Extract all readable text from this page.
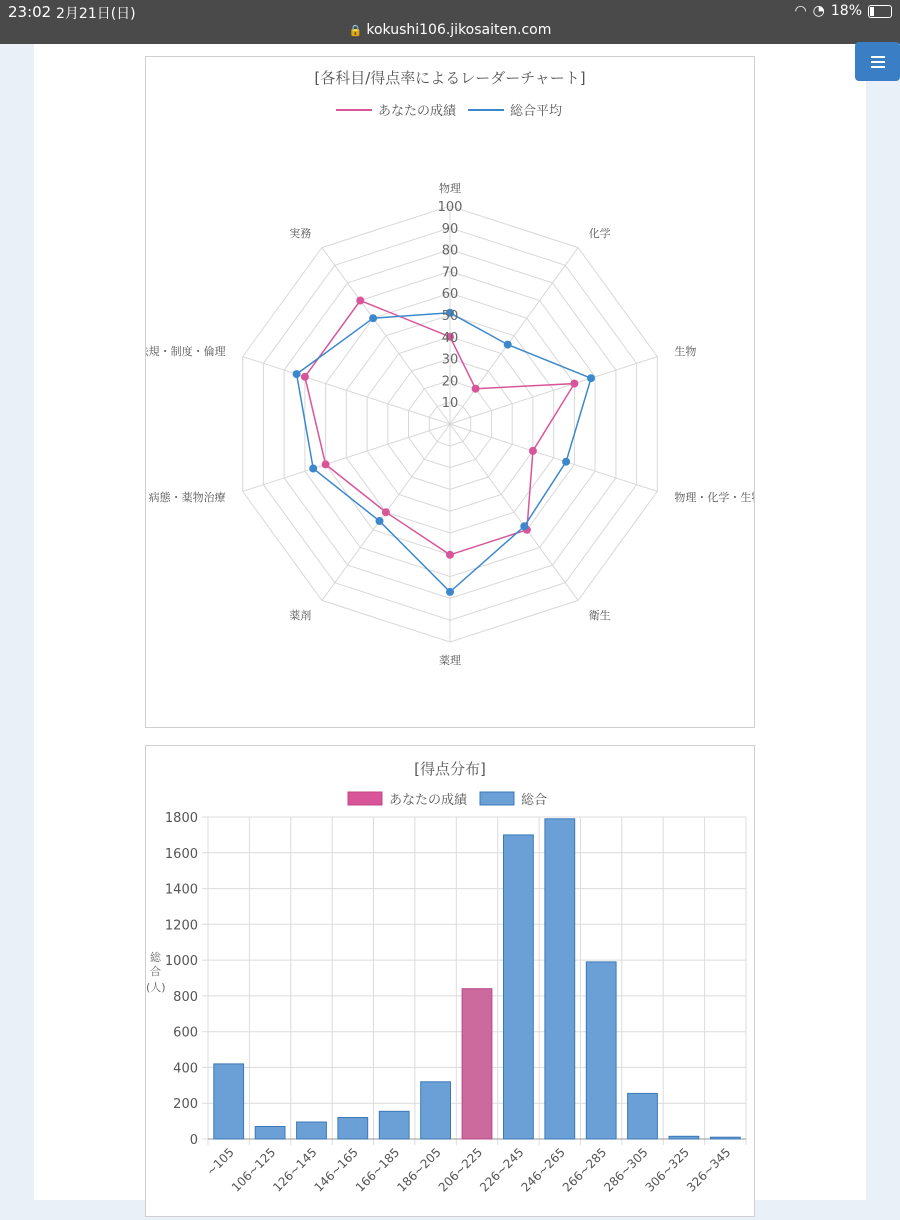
23:02 2月21日(日)	◠ ◔ 18%
🔒 kokushi106.jikosaiten.com
[各科目/得点率によるレーダーチャート]
あなたの成績	総合平均
物理
化学
生物
物理・化学・生物
衛生
薬理
薬剤
病態・薬物治療
法規・制度・倫理
実務
10
20
30
40
50
60
70
80
90
100
[得点分布]
あなたの成績	総合
総合(人)
0
200
400
600
800
1000
1200
1400
1600
1800
~105
106~125
126~145
146~165
166~185
186~205
206~225
226~245
246~265
266~285
286~305
306~325
326~345
